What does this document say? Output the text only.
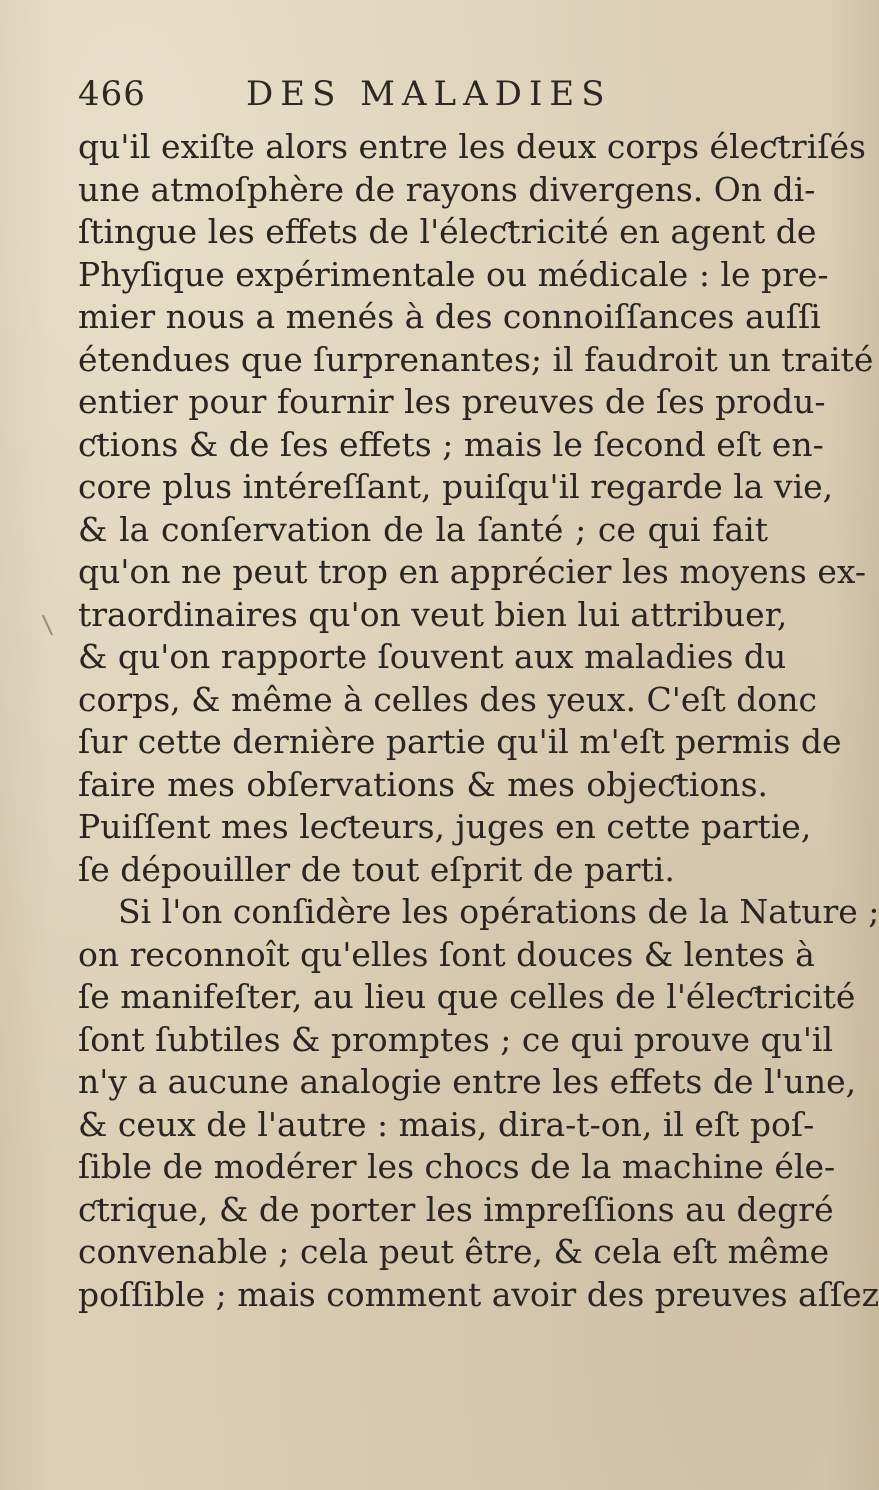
466	DES MALADIES
qu'il exiſte alors entre les deux corps éleƈtriſés
une atmoſphère de rayons divergens. On di-
ſtingue les effets de l'éleƈtricité en agent de
Phyſique expérimentale ou médicale : le pre-
mier nous a menés à des connoiſſances auſſi
étendues que ſurprenantes; il faudroit un traité
entier pour fournir les preuves de ſes produ-
ƈtions & de ſes effets ; mais le ſecond eſt en-
core plus intéreſſant, puiſqu'il regarde la vie,
& la conſervation de la ſanté ; ce qui fait
qu'on ne peut trop en apprécier les moyens ex-
traordinaires qu'on veut bien lui attribuer,
& qu'on rapporte ſouvent aux maladies du
corps, & même à celles des yeux. C'eſt donc
ſur cette dernière partie qu'il m'eſt permis de
faire mes obſervations & mes objeƈtions.
Puiſſent mes leƈteurs, juges en cette partie,
ſe dépouiller de tout eſprit de parti.
Si l'on conſidère les opérations de la Nature ;
on reconnoît qu'elles ſont douces & lentes à
ſe manifeſter, au lieu que celles de l'éleƈtricité
ſont ſubtiles & promptes ; ce qui prouve qu'il
n'y a aucune analogie entre les effets de l'une,
& ceux de l'autre : mais, dira-t-on, il eſt poſ-
ſible de modérer les chocs de la machine éle-
ƈtrique, & de porter les impreſſions au degré
convenable ; cela peut être, & cela eſt même
poſſible ; mais comment avoir des preuves aſſez
